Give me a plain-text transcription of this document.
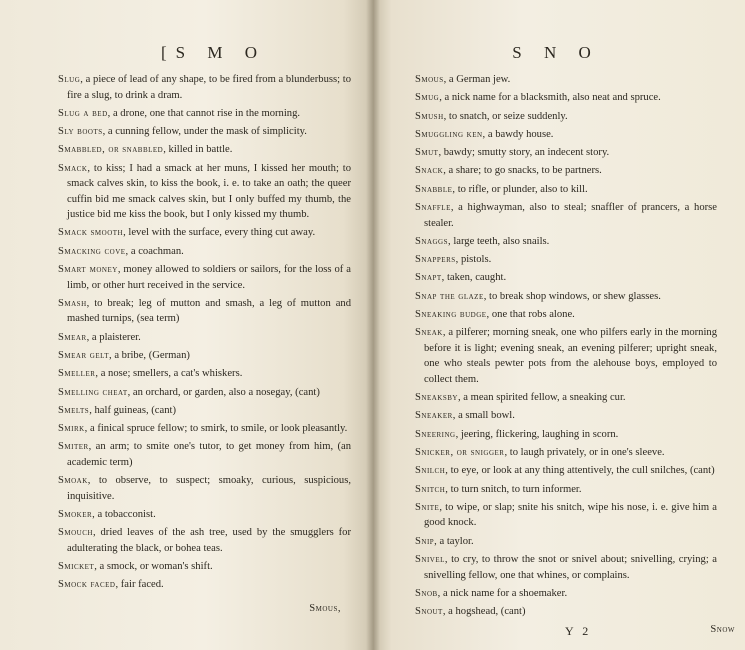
[S M O

Slug, a piece of lead of any shape, to be fired from a blunderbuss; to fire a slug, to drink a dram.

Slug a bed, a drone, one that cannot rise in the morning.

Sly boots, a cunning fellow, under the mask of simplicity.

Smabbled, or snabbled, killed in battle.

Smack, to kiss; I had a smack at her muns, I kissed her mouth; to smack calves skin, to kiss the book, i. e. to take an oath; the queer cuffin bid me smack calves skin, but I only buffed my thumb, the justice bid me kiss the book, but I only kissed my thumb.

Smack smooth, level with the surface, every thing cut away.

Smacking cove, a coachman.

Smart money, money allowed to soldiers or sailors, for the loss of a limb, or other hurt received in the service.

Smash, to break; leg of mutton and smash, a leg of mutton and mashed turnips, (sea term)

Smear, a plaisterer.

Smear gelt, a bribe, (German)

Smeller, a nose; smellers, a cat's whiskers.

Smelling cheat, an orchard, or garden, also a nosegay, (cant)

Smelts, half guineas, (cant)

Smirk, a finical spruce fellow; to smirk, to smile, or look pleasantly.

Smiter, an arm; to smite one's tutor, to get money from him, (an academic term)

Smoak, to observe, to suspect; smoaky, curious, suspicious, inquisitive.

Smoker, a tobacconist.

Smouch, dried leaves of the ash tree, used by the smugglers for adulterating the black, or bohea teas.

Smicket, a smock, or woman's shift.

Smock faced, fair faced.

Smous,
S N O

Smous, a German jew.

Smug, a nick name for a blacksmith, also neat and spruce.

Smush, to snatch, or seize suddenly.

Smuggling ken, a bawdy house.

Smut, bawdy; smutty story, an indecent story.

Snack, a share; to go snacks, to be partners.

Snabble, to rifle, or plunder, also to kill.

Snaffle, a highwayman, also to steal; snaffler of prancers, a horse stealer.

Snaggs, large teeth, also snails.

Snappers, pistols.

Snapt, taken, caught.

Snap the glaze, to break shop windows, or shew glasses.

Sneaking budge, one that robs alone.

Sneak, a pilferer; morning sneak, one who pilfers early in the morning before it is light; evening sneak, an evening pilferer; upright sneak, one who steals pewter pots from the alehouse boys, employed to collect them.

Sneaksby, a mean spirited fellow, a sneaking cur.

Sneaker, a small bowl.

Sneering, jeering, flickering, laughing in scorn.

Snicker, or snigger, to laugh privately, or in one's sleeve.

Snilch, to eye, or look at any thing attentively, the cull snilches, (cant)

Snitch, to turn snitch, to turn informer.

Snite, to wipe, or slap; snite his snitch, wipe his nose, i. e. give him a good knock.

Snip, a taylor.

Snivel, to cry, to throw the snot or snivel about; snivelling, crying; a snivelling fellow, one that whines, or complains.

Snob, a nick name for a shoemaker.

Snout, a hogshead, (cant)

Y 2	Snow
